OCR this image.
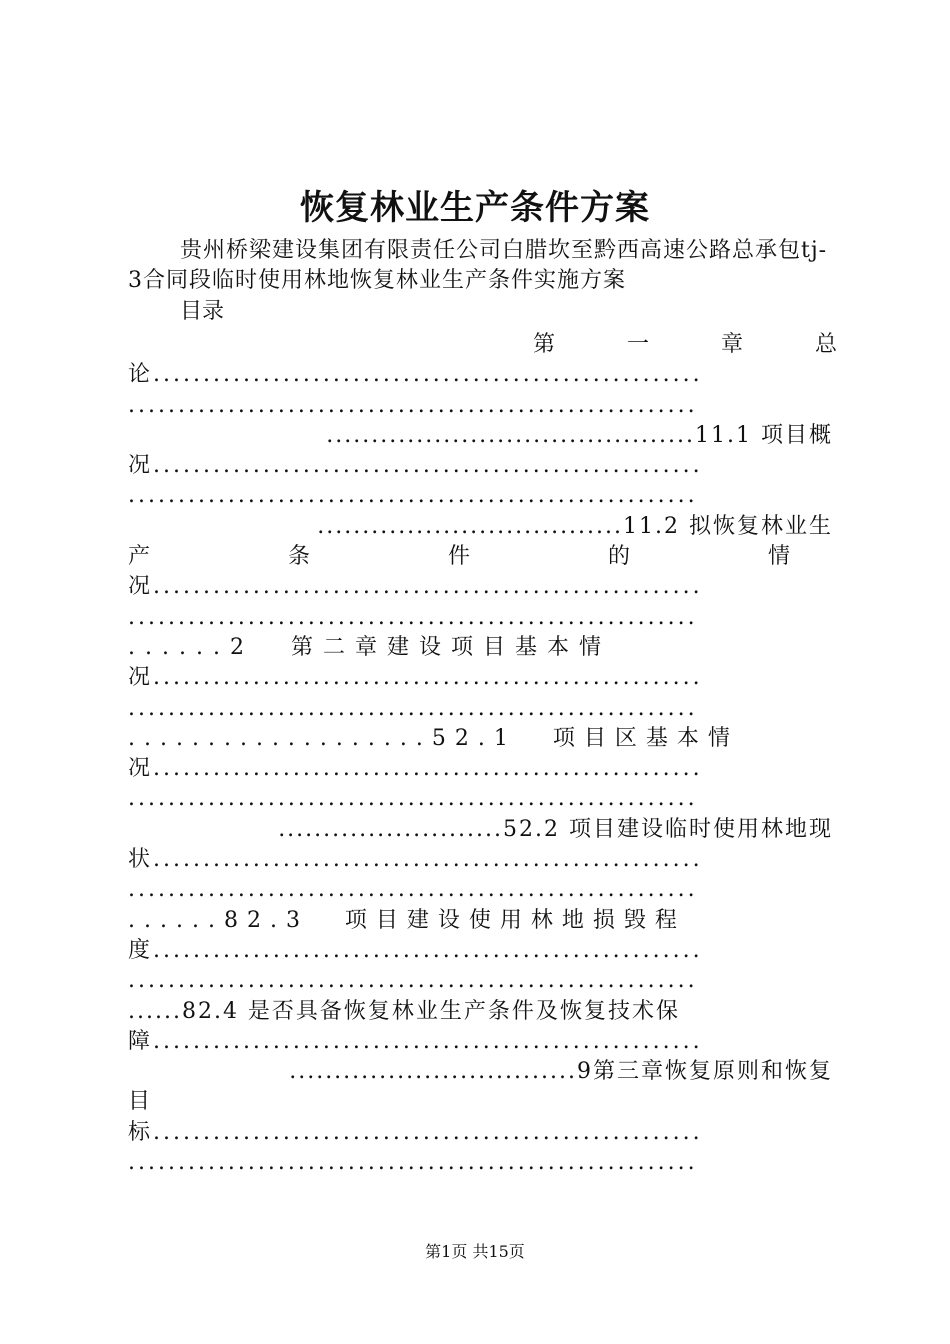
恢复林业生产条件方案

贵州桥梁建设集团有限责任公司白腊坎至黔西高速公路总承包tj-3合同段临时使用林地恢复林业生产条件实施方案

目录

第一章总
论.......................................................
.........................................................
.........................................11.1 项目概
况.......................................................
.........................................................
..................................11.2 拟恢复林业生
产条件的情
况.......................................................
.........................................................
......2 第二章建设项目基本情
况.......................................................
.........................................................
...................52.1 项目区基本情
况.......................................................
.........................................................
.........................52.2 项目建设临时使用林地现
状.......................................................
.........................................................
......82.3 项目建设使用林地损毁程
度.......................................................
.........................................................
......82.4 是否具备恢复林业生产条件及恢复技术保
障.......................................................
................................9第三章恢复原则和恢复
目
标.......................................................
.........................................................

第1页 共15页
